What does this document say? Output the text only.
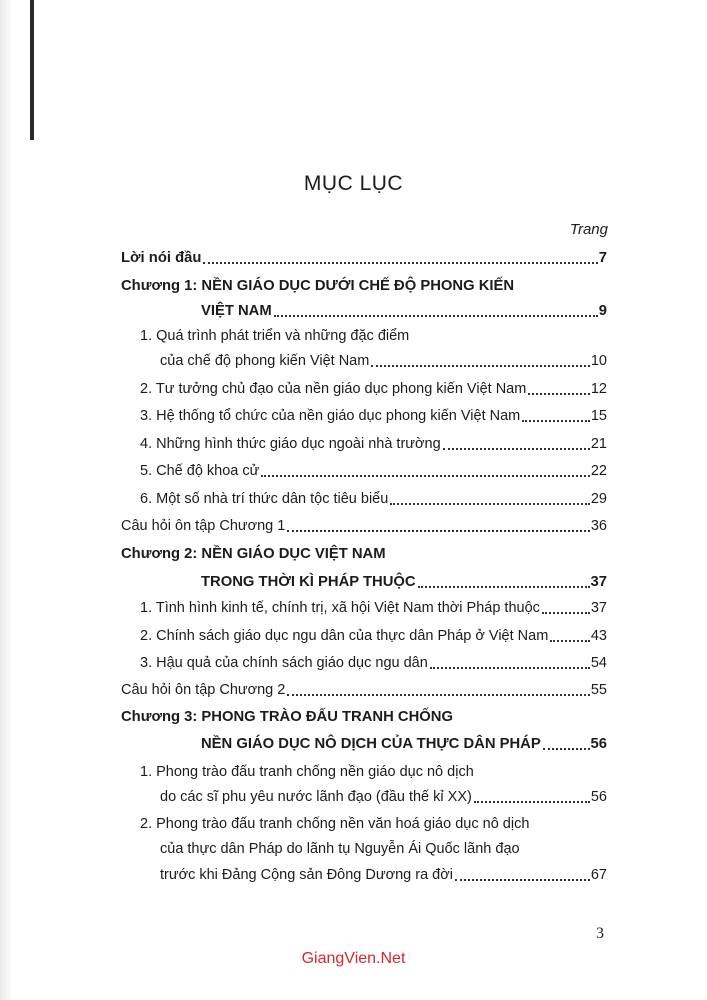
MỤC LỤC
Trang
Lời nói đầu	7
Chương 1: NỀN GIÁO DỤC DƯỚI CHẾ ĐỘ PHONG KIẾN
VIỆT NAM	9
1. Quá trình phát triển và những đặc điểm
của chế độ phong kiến Việt Nam	10
2. Tư tưởng chủ đạo của nền giáo dục phong kiến Việt Nam	12
3. Hệ thống tổ chức của nền giáo dục phong kiến Việt Nam	15
4. Những hình thức giáo dục ngoài nhà trường	21
5. Chế độ khoa cử	22
6. Một số nhà trí thức dân tộc tiêu biểu	29
Câu hỏi ôn tập Chương 1	36
Chương 2: NỀN GIÁO DỤC VIỆT NAM
TRONG THỜI KÌ PHÁP THUỘC	37
1. Tình hình kinh tế, chính trị, xã hội Việt Nam thời Pháp thuộc	37
2. Chính sách giáo dục ngu dân của thực dân Pháp ở Việt Nam	43
3. Hậu quả của chính sách giáo dục ngu dân	54
Câu hỏi ôn tập Chương 2	55
Chương 3: PHONG TRÀO ĐẤU TRANH CHỐNG
NỀN GIÁO DỤC NÔ DỊCH CỦA THỰC DÂN PHÁP	56
1. Phong trào đấu tranh chống nền giáo dục nô dịch
do các sĩ phu yêu nước lãnh đạo (đầu thế kỉ XX)	56
2. Phong trào đấu tranh chống nền văn hoá giáo dục nô dịch
của thực dân Pháp do lãnh tụ Nguyễn Ái Quốc lãnh đạo
trước khi Đảng Cộng sản Đông Dương ra đời	67
3
GiangVien.Net
